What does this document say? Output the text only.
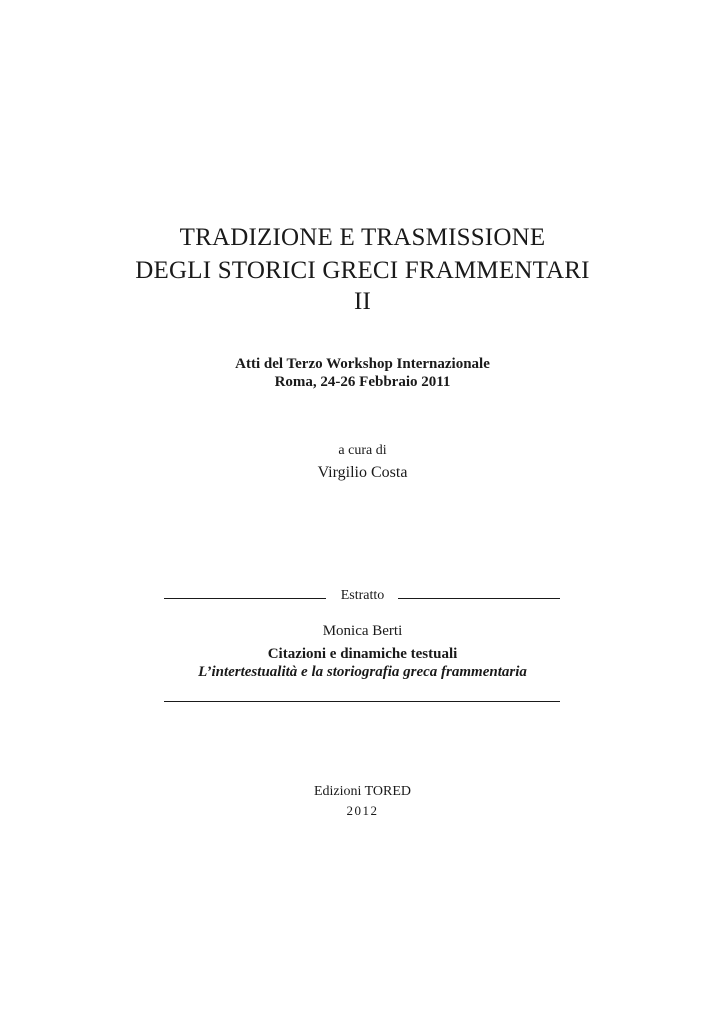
TRADIZIONE E TRASMISSIONE
DEGLI STORICI GRECI FRAMMENTARI
II
Atti del Terzo Workshop Internazionale
Roma, 24-26 Febbraio 2011
a cura di
Virgilio Costa
Estratto
Monica Berti
Citazioni e dinamiche testuali
L’intertestualità e la storiografia greca frammentaria
Edizioni TORED
2012
